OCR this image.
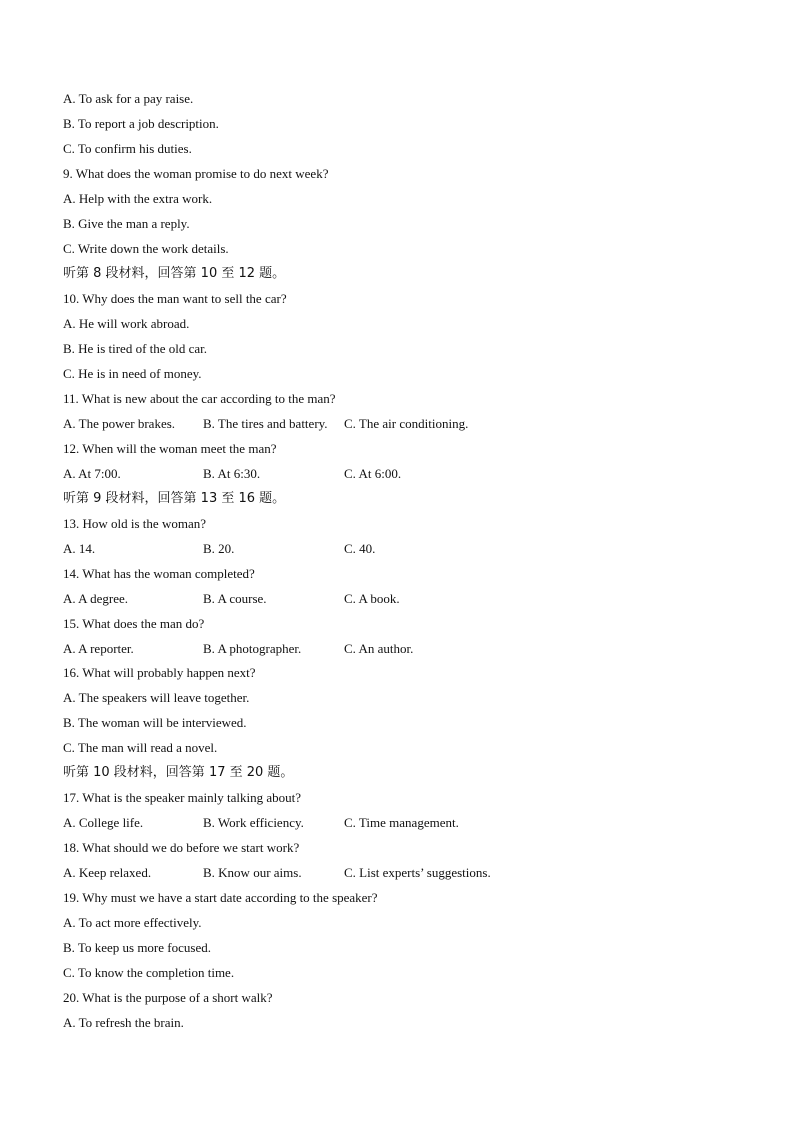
A. To ask for a pay raise.
B. To report a job description.
C. To confirm his duties.
9. What does the woman promise to do next week?
A. Help with the extra work.
B. Give the man a reply.
C. Write down the work details.
听第 8 段材料，回答第 10 至 12 题。
10. Why does the man want to sell the car?
A. He will work abroad.
B. He is tired of the old car.
C. He is in need of money.
11. What is new about the car according to the man?
A. The power brakes. B. The tires and battery. C. The air conditioning.
12. When will the woman meet the man?
A. At 7:00.	B. At 6:30.	C. At 6:00.
听第 9 段材料，回答第 13 至 16 题。
13. How old is the woman?
A. 14.	B. 20.	C. 40.
14. What has the woman completed?
A. A degree.	B. A course.	C. A book.
15. What does the man do?
A. A reporter.	B. A photographer.	C. An author.
16. What will probably happen next?
A. The speakers will leave together.
B. The woman will be interviewed.
C. The man will read a novel.
听第 10 段材料，回答第 17 至 20 题。
17. What is the speaker mainly talking about?
A. College life.	B. Work efficiency.	C. Time management.
18. What should we do before we start work?
A. Keep relaxed.	B. Know our aims.	C. List experts’ suggestions.
19. Why must we have a start date according to the speaker?
A. To act more effectively.
B. To keep us more focused.
C. To know the completion time.
20. What is the purpose of a short walk?
A. To refresh the brain.
